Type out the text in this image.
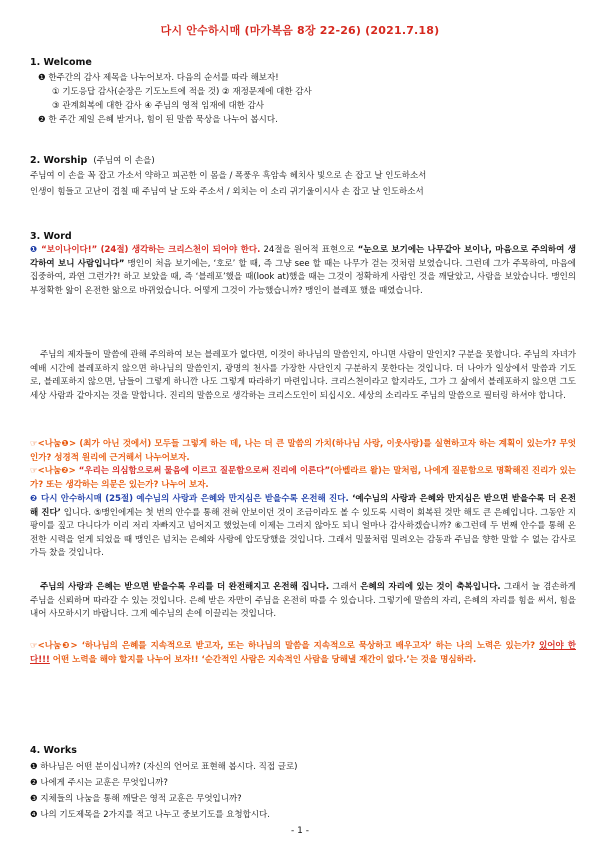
다시 안수하시매 (마가복음 8장 22-26) (2021.7.18)
1. Welcome
❶ 한주간의 감사 제목을 나누어보자. 다음의 순서를 따라 해보자!
① 기도응답 감사(순장은 기도노트에 적을 것) ② 재정문제에 대한 감사
③ 관계회복에 대한 감사 ④ 주님의 영적 임재에 대한 감사
❷ 한 주간 제일 은혜 받거나, 힘이 된 말씀 묵상을 나누어 봅시다.
2. Worship (주님여 이 손을)
주님여 이 손을 꼭 잡고 가소서 약하고 피곤한 이 몸을 / 폭풍우 흑암속 헤치사 빛으로 손 잡고 날 인도하소서
인생이 힘들고 고난이 겹칠 때 주님여 날 도와 주소서 / 외치는 이 소리 귀기울이시사 손 잡고 날 인도하소서
3. Word
❶ “보이나이다!” (24절) 생각하는 크리스천이 되어야 한다. 24절을 원어적 표현으로 “눈으로 보기에는 나무같아 보이나, 마음으로 주의하여 생각하여 보니 사람입니다” 맹인이 처음 보기에는, ‘호로’ 할 때, 즉 그냥 see 할 때는 나무가 걷는 것처럼 보였습니다. 그런데 그가 주목하여, 마음에 집중하여, 과연 그런가?! 하고 보았을 때, 즉 ‘블레포’했을 때(look at)했을 때는 그것이 정확하게 사람인 것을 깨달았고, 사람을 보았습니다. 맹인의 부정확한 앎이 온전한 앎으로 바뀌었습니다. 어떻게 그것이 가능했습니까? 맹인이 블레포 했을 때였습니다.
주님의 제자들이 말씀에 관해 주의하여 보는 블레포가 없다면, 이것이 하나님의 말씀인지, 아니면 사람이 말인지? 구분을 못합니다. 주님의 자녀가 예배 시간에 블레포하지 않으면 하나님의 말씀인지, 광명의 천사를 가장한 사단인지 구분하지 못한다는 것입니다. 더 나아가 일상에서 말씀과 기도로, 블레포하지 않으면, 남들이 그렇게 하니깐 나도 그렇게 따라하기 마련입니다. 크리스천이라고 할지라도, 그가 그 삶에서 블레포하지 않으면 그도 세상 사람과 같아지는 것을 말합니다. 진리의 말씀으로 생각하는 크리스도인이 되십시오. 세상의 소리라도 주님의 말씀으로 필터링 하셔야 합니다.
☞<나눔❶> (최가 아닌 것에서) 모두들 그렇게 하는 데, 나는 더 큰 말씀의 가치(하나님 사랑, 이웃사랑)를 실현하고자 하는 계획이 있는가? 무엇인가? 성경적 원리에 근거해서 나누어보자.
☞<나눔❷> “우리는 의심함으로써 물음에 이르고 질문함으로써 진리에 이른다”(아벨라르 왈)는 말처럼, 나에게 질문함으로 명확해진 진리가 있는가? 또는 생각하는 의문은 있는가? 나누어 보자.
❷ 다시 안수하시매 (25절) 예수님의 사랑과 은혜와 만지심은 받을수록 온전해 진다. ‘예수님의 사랑과 은혜와 만지심은 받으면 받을수록 더 온전해 진다’ 입니다. ⑤맹인에게는 첫 번의 안수를 통해 전혀 안보이던 것이 조금이라도 볼 수 있도록 시력이 회복된 것만 해도 큰 은혜입니다. 그동안 지팡이를 짚고 다니다가 이리 저리 자빠지고 넘어지고 했었는데 이제는 그러지 않아도 되니 얼마나 감사하겠습니까? ⑥그런데 두 번째 안수를 통해 온전한 시력을 얻게 되었을 때 맹인은 넘치는 은혜와 사랑에 압도당했을 것입니다. 그래서 밀물처럼 밀려오는 감동과 주님을 향한 말할 수 없는 감사로 가득 찼을 것입니다.
주님의 사랑과 은혜는 받으면 받을수록 우리를 더 완전해지고 온전해 집니다. 그래서 은혜의 자리에 있는 것이 축복입니다. 그래서 늘 겸손하게 주님을 신뢰하며 따라갈 수 있는 것입니다. 은혜 받은 자만이 주님을 온전히 따를 수 있습니다. 그렇기에 말씀의 자리, 은혜의 자리를 힘을 써서, 힘을 내어 사모하시기 바랍니다. 그게 예수님의 손에 이끌리는 것입니다.
☞<나눔❸> ‘하나님의 은혜를 지속적으로 받고자, 또는 하나님의 말씀을 지속적으로 묵상하고 배우고자’ 하는 나의 노력은 있는가? 있어야 한다!!! 어떤 노력을 해야 할지를 나누어 보자!! ‘순간적인 사람은 지속적인 사람을 당해낼 재간이 없다.’는 것을 명심하라.
4. Works
❶ 하나님은 어떤 분이십니까? (자신의 언어로 표현해 봅시다. 직접 글로)
❷ 나에게 주시는 교훈은 무엇입니까?
❸ 지체들의 나눔을 통해 깨달은 영적 교훈은 무엇입니까?
❹ 나의 기도제목을 2가지를 적고 나누고 중보기도를 요청합시다.
- 1 -
